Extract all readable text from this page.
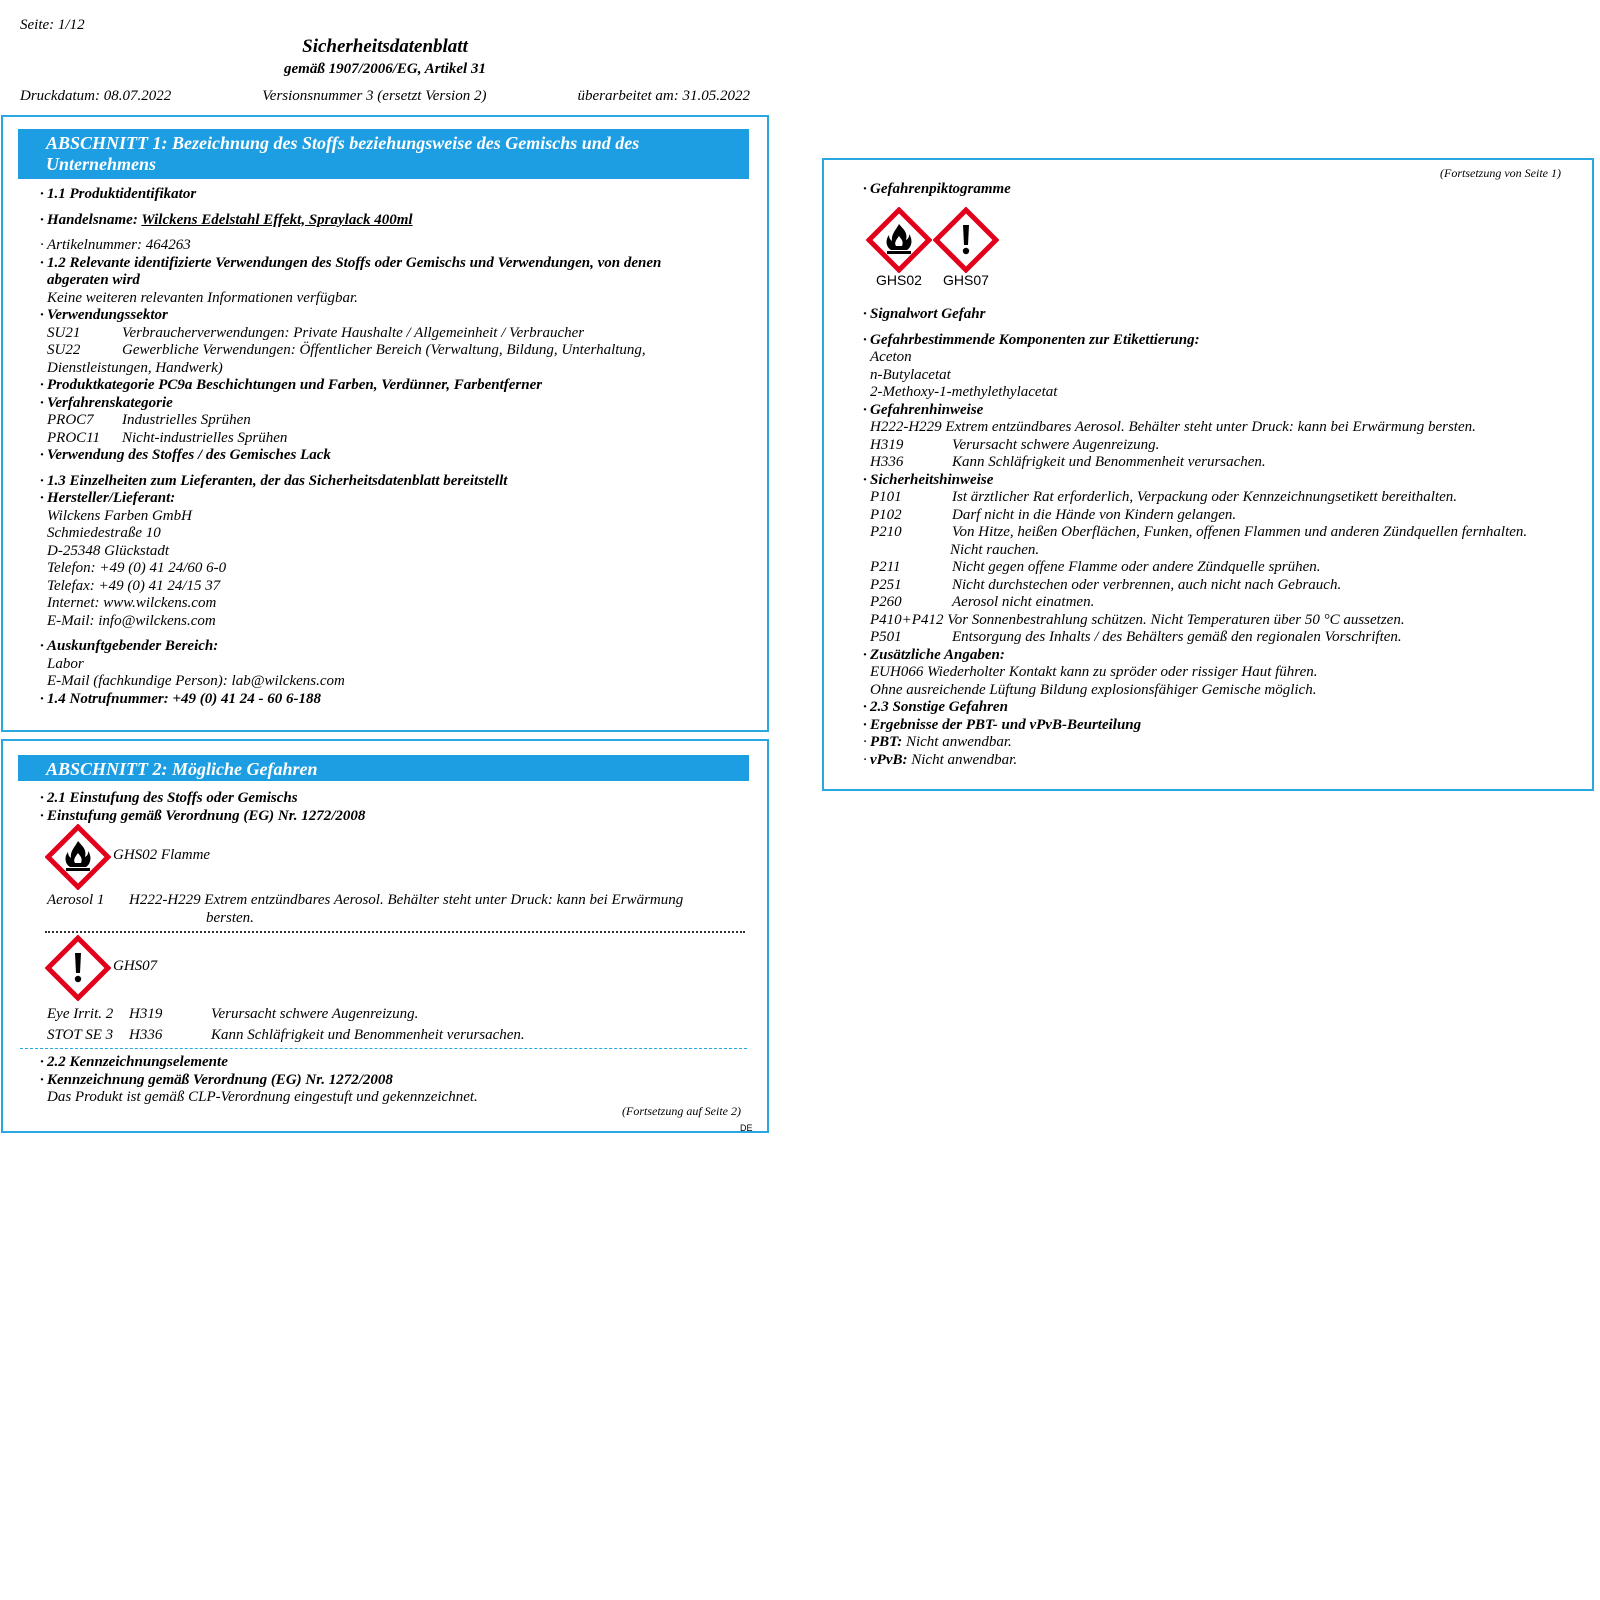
Seite: 1/12
Sicherheitsdatenblatt
gemäß 1907/2006/EG, Artikel 31
Druckdatum: 08.07.2022	Versionsnummer 3 (ersetzt Version 2)	überarbeitet am: 31.05.2022
ABSCHNITT 1: Bezeichnung des Stoffs beziehungsweise des Gemischs und des Unternehmens
· 1.1 Produktidentifikator
· Handelsname: Wilckens Edelstahl Effekt, Spraylack 400ml
· Artikelnummer: 464263
· 1.2 Relevante identifizierte Verwendungen des Stoffs oder Gemischs und Verwendungen, von denen
abgeraten wird
Keine weiteren relevanten Informationen verfügbar.
· Verwendungssektor
SU21	Verbraucherverwendungen: Private Haushalte / Allgemeinheit / Verbraucher
SU22	Gewerbliche Verwendungen: Öffentlicher Bereich (Verwaltung, Bildung, Unterhaltung,
Dienstleistungen, Handwerk)
· Produktkategorie PC9a Beschichtungen und Farben, Verdünner, Farbentferner
· Verfahrenskategorie
PROC7 Industrielles Sprühen
PROC11 Nicht-industrielles Sprühen
· Verwendung des Stoffes / des Gemisches Lack
· 1.3 Einzelheiten zum Lieferanten, der das Sicherheitsdatenblatt bereitstellt
· Hersteller/Lieferant:
Wilckens Farben GmbH
Schmiedestraße 10
D-25348 Glückstadt
Telefon: +49 (0) 41 24/60 6-0
Telefax: +49 (0) 41 24/15 37
Internet: www.wilckens.com
E-Mail: info@wilckens.com
· Auskunftgebender Bereich:
Labor
E-Mail (fachkundige Person): lab@wilckens.com
· 1.4 Notrufnummer: +49 (0) 41 24 - 60 6-188
ABSCHNITT 2: Mögliche Gefahren
· 2.1 Einstufung des Stoffs oder Gemischs
· Einstufung gemäß Verordnung (EG) Nr. 1272/2008
GHS02 Flamme
Aerosol 1 H222-H229 Extrem entzündbares Aerosol. Behälter steht unter Druck: kann bei Erwärmung
bersten.
GHS07
Eye Irrit. 2 H319	Verursacht schwere Augenreizung.
STOT SE 3 H336	Kann Schläfrigkeit und Benommenheit verursachen.
· 2.2 Kennzeichnungselemente
· Kennzeichnung gemäß Verordnung (EG) Nr. 1272/2008
Das Produkt ist gemäß CLP-Verordnung eingestuft und gekennzeichnet.
(Fortsetzung auf Seite 2)
DE
(Fortsetzung von Seite 1)
· Gefahrenpiktogramme
GHS02 GHS07
· Signalwort Gefahr
· Gefahrbestimmende Komponenten zur Etikettierung:
Aceton
n-Butylacetat
2-Methoxy-1-methylethylacetat
· Gefahrenhinweise
H222-H229 Extrem entzündbares Aerosol. Behälter steht unter Druck: kann bei Erwärmung bersten.
H319	Verursacht schwere Augenreizung.
H336	Kann Schläfrigkeit und Benommenheit verursachen.
· Sicherheitshinweise
P101	Ist ärztlicher Rat erforderlich, Verpackung oder Kennzeichnungsetikett bereithalten.
P102	Darf nicht in die Hände von Kindern gelangen.
P210	Von Hitze, heißen Oberflächen, Funken, offenen Flammen und anderen Zündquellen fernhalten.
Nicht rauchen.
P211	Nicht gegen offene Flamme oder andere Zündquelle sprühen.
P251	Nicht durchstechen oder verbrennen, auch nicht nach Gebrauch.
P260	Aerosol nicht einatmen.
P410+P412 Vor Sonnenbestrahlung schützen. Nicht Temperaturen über 50 °C aussetzen.
P501	Entsorgung des Inhalts / des Behälters gemäß den regionalen Vorschriften.
· Zusätzliche Angaben:
EUH066 Wiederholter Kontakt kann zu spröder oder rissiger Haut führen.
Ohne ausreichende Lüftung Bildung explosionsfähiger Gemische möglich.
· 2.3 Sonstige Gefahren
· Ergebnisse der PBT- und vPvB-Beurteilung
· PBT: Nicht anwendbar.
· vPvB: Nicht anwendbar.
